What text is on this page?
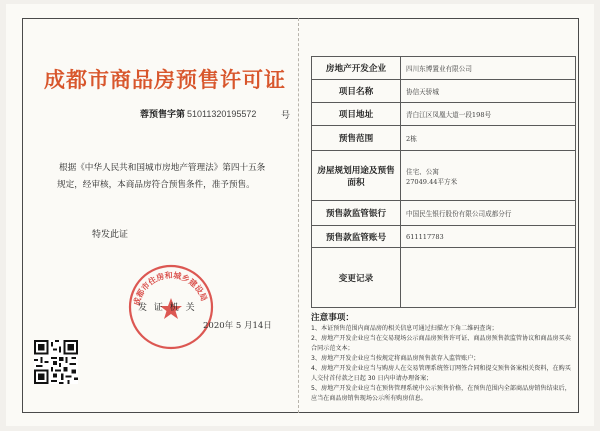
成都市商品房预售许可证
蓉预售字第 510113201955​72	号
根据《中华人民共和国城市房地产管理法》第四十五条
规定，经审核，本商品房符合预售条件，准予预售。
特发此证
成都市住房和城乡建设局
发 证 机 关
2020年 5 月14日
房地产开发企业	四川东博置业有限公司
项目名称	协信天骄城
项目地址	青白江区凤凰大道一段198号
预售范围	2栋
房屋规划用途及预售面积	住宅、公寓
27049.44平方米
预售款监管银行	中国民生银行股份有限公司成都分行
预售款监管账号	611117783
变更记录	
注意事项：
1、本证预售范围内商品房的相关信息可通过扫描左下角二维码查询；
2、房地产开发企业应当在交易现场公示商品房预售许可证、商品房预售款监管协议和商品房买卖合同示范文本；
3、房地产开发企业应当按规定将商品房预售款存入监管账户；
4、房地产开发企业应当与购房人在交易管理系统签订网签合同和提交预售备案相关资料，在购买人交付首付款之日起 30 日内申请办理备案；
5、房地产开发企业应当在预售管理系统中公示预售价格，在预售范围内全部商品房销售结束后，应当在商品房销售现场公示所有购房信息。
